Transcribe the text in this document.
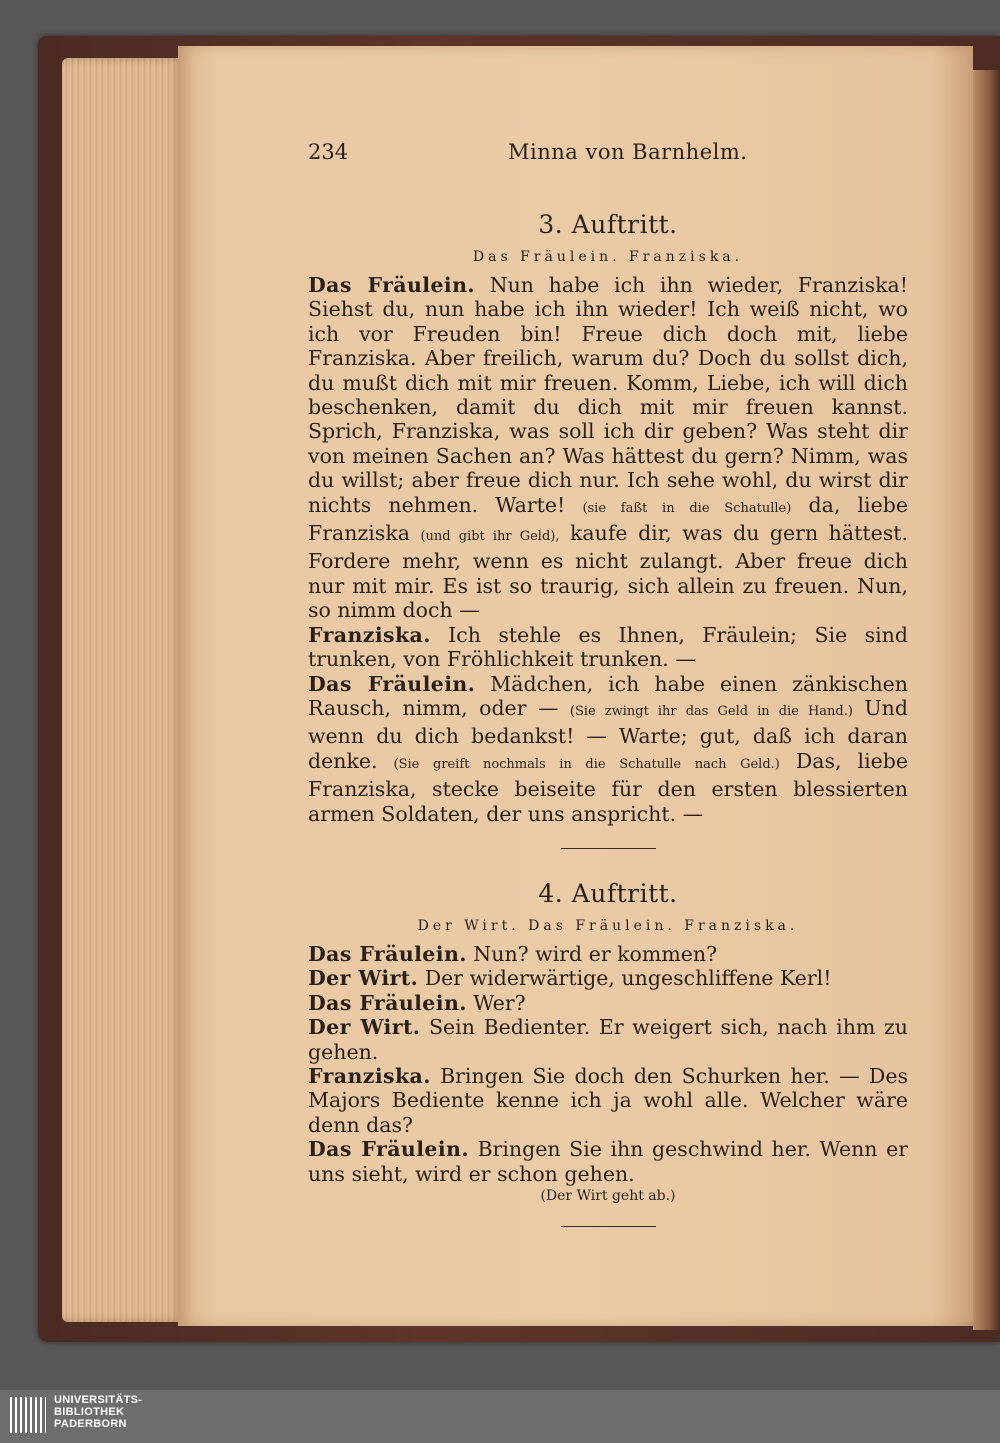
234	Minna von Barnhelm.
3. Auftritt.
Das Fräulein. Franziska.

Das Fräulein. Nun habe ich ihn wieder, Franziska! Siehst du, nun habe ich ihn wieder! Ich weiß nicht, wo ich vor Freuden bin! Freue dich doch mit, liebe Franziska. Aber freilich, warum du? Doch du sollst dich, du mußt dich mit mir freuen. Komm, Liebe, ich will dich beschenken, damit du dich mit mir freuen kannst. Sprich, Franziska, was soll ich dir geben? Was steht dir von meinen Sachen an? Was hättest du gern? Nimm, was du willst; aber freue dich nur. Ich sehe wohl, du wirst dir nichts nehmen. Warte! (sie faßt in die Schatulle) da, liebe Franziska (und gibt ihr Geld), kaufe dir, was du gern hättest. Fordere mehr, wenn es nicht zulangt. Aber freue dich nur mit mir. Es ist so traurig, sich allein zu freuen. Nun, so nimm doch —

Franziska. Ich stehle es Ihnen, Fräulein; Sie sind trunken, von Fröhlichkeit trunken. —

Das Fräulein. Mädchen, ich habe einen zänkischen Rausch, nimm, oder — (Sie zwingt ihr das Geld in die Hand.) Und wenn du dich bedankst! — Warte; gut, daß ich daran denke. (Sie greift nochmals in die Schatulle nach Geld.) Das, liebe Franziska, stecke beiseite für den ersten blessierten armen Soldaten, der uns anspricht. —

4. Auftritt.
Der Wirt. Das Fräulein. Franziska.

Das Fräulein. Nun? wird er kommen?

Der Wirt. Der widerwärtige, ungeschliffene Kerl!

Das Fräulein. Wer?

Der Wirt. Sein Bedienter. Er weigert sich, nach ihm zu gehen.

Franziska. Bringen Sie doch den Schurken her. — Des Majors Bediente kenne ich ja wohl alle. Welcher wäre denn das?

Das Fräulein. Bringen Sie ihn geschwind her. Wenn er uns sieht, wird er schon gehen.

(Der Wirt geht ab.)
UNIVERSITÄTS-
BIBLIOTHEK
PADERBORN
